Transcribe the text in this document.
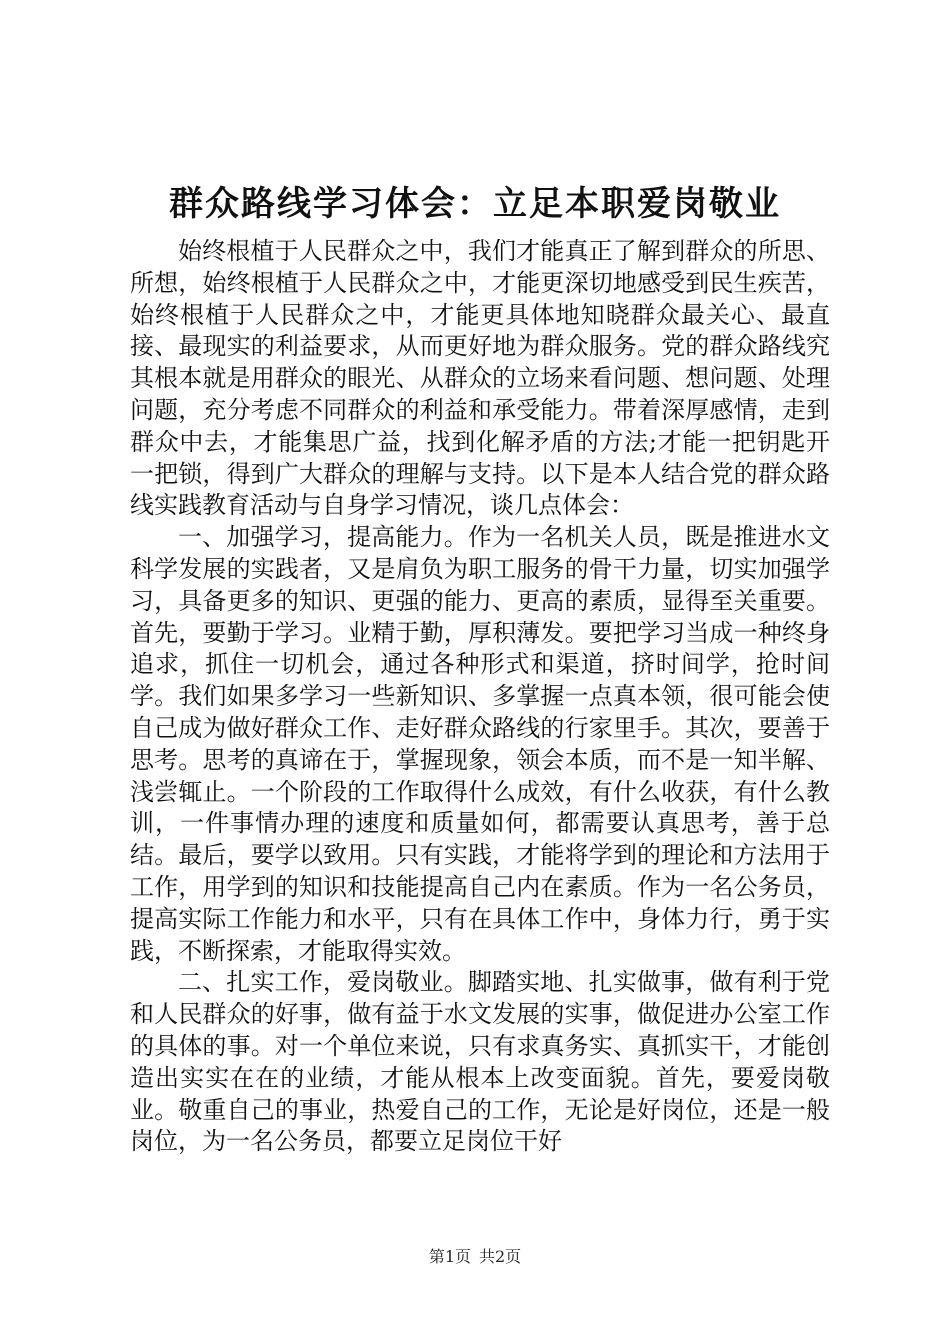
群众路线学习体会：立足本职爱岗敬业

始终根植于人民群众之中，我们才能真正了解到群众的所思、所想，始终根植于人民群众之中，才能更深切地感受到民生疾苦，始终根植于人民群众之中，才能更具体地知晓群众最关心、最直接、最现实的利益要求，从而更好地为群众服务。党的群众路线究其根本就是用群众的眼光、从群众的立场来看问题、想问题、处理问题，充分考虑不同群众的利益和承受能力。带着深厚感情，走到群众中去，才能集思广益，找到化解矛盾的方法;才能一把钥匙开一把锁，得到广大群众的理解与支持。以下是本人结合党的群众路线实践教育活动与自身学习情况，谈几点体会：

一、加强学习，提高能力。作为一名机关人员，既是推进水文科学发展的实践者，又是肩负为职工服务的骨干力量，切实加强学习，具备更多的知识、更强的能力、更高的素质，显得至关重要。首先，要勤于学习。业精于勤，厚积薄发。要把学习当成一种终身追求，抓住一切机会，通过各种形式和渠道，挤时间学，抢时间学。我们如果多学习一些新知识、多掌握一点真本领，很可能会使自己成为做好群众工作、走好群众路线的行家里手。其次，要善于思考。思考的真谛在于，掌握现象，领会本质，而不是一知半解、浅尝辄止。一个阶段的工作取得什么成效，有什么收获，有什么教训，一件事情办理的速度和质量如何，都需要认真思考，善于总结。最后，要学以致用。只有实践，才能将学到的理论和方法用于工作，用学到的知识和技能提高自己内在素质。作为一名公务员，提高实际工作能力和水平，只有在具体工作中，身体力行，勇于实践，不断探索，才能取得实效。

二、扎实工作，爱岗敬业。脚踏实地、扎实做事，做有利于党和人民群众的好事，做有益于水文发展的实事，做促进办公室工作的具体的事。对一个单位来说，只有求真务实、真抓实干，才能创造出实实在在的业绩，才能从根本上改变面貌。首先，要爱岗敬业。敬重自己的事业，热爱自己的工作，无论是好岗位，还是一般岗位，为一名公务员，都要立足岗位干好

第1页 共2页
